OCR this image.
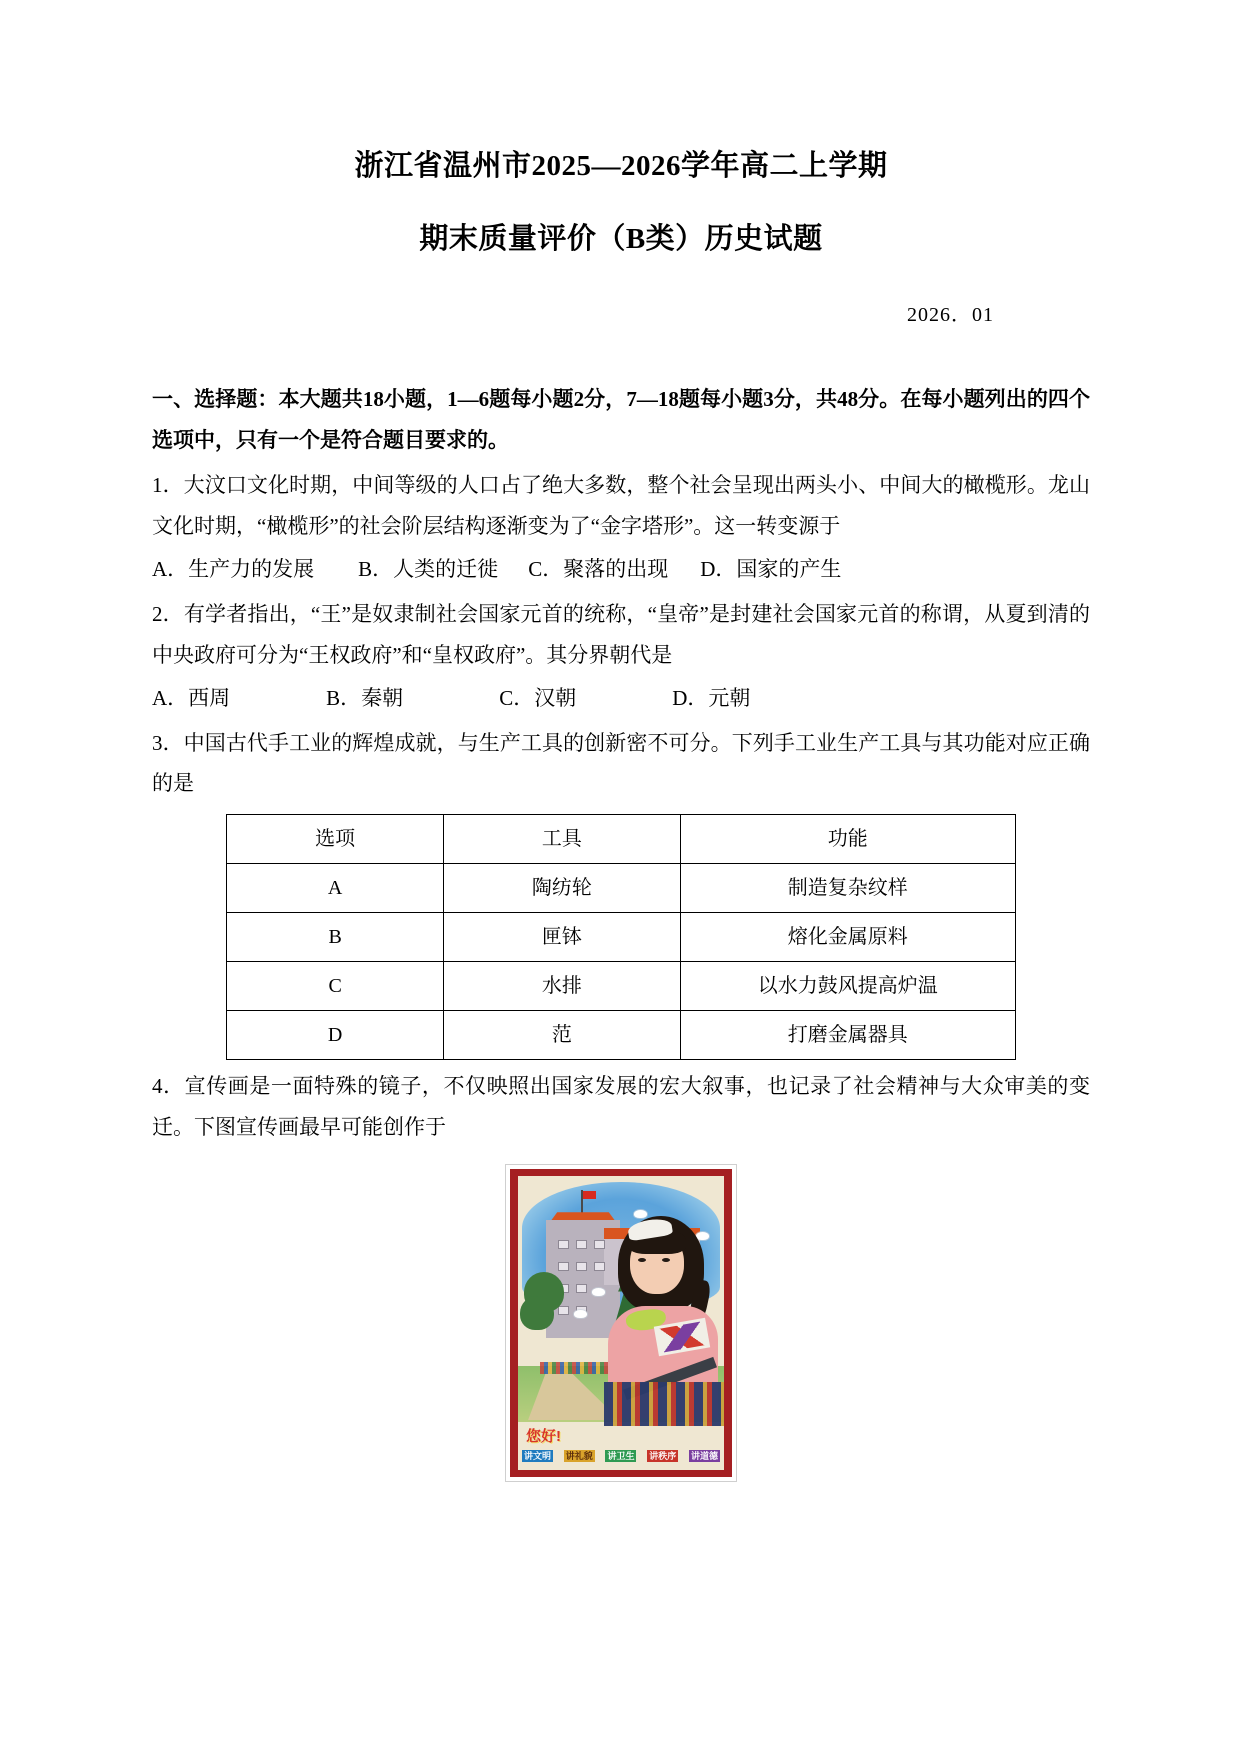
浙江省温州市2025—2026学年高二上学期
期末质量评价（B类）历史试题
2026．01
一、选择题：本大题共18小题，1—6题每小题2分，7—18题每小题3分，共48分。在每小题列出的四个选项中，只有一个是符合题目要求的。
1．大汶口文化时期，中间等级的人口占了绝大多数，整个社会呈现出两头小、中间大的橄榄形。龙山文化时期，“橄榄形”的社会阶层结构逐渐变为了“金字塔形”。这一转变源于
A．生产力的发展 B．人类的迁徙 C．聚落的出现 D．国家的产生
2．有学者指出，“王”是奴隶制社会国家元首的统称，“皇帝”是封建社会国家元首的称谓，从夏到清的中央政府可分为“王权政府”和“皇权政府”。其分界朝代是
A．西周	B．秦朝	C．汉朝	D．元朝
3．中国古代手工业的辉煌成就，与生产工具的创新密不可分。下列手工业生产工具与其功能对应正确的是
选项	工具	功能
A	陶纺轮	制造复杂纹样
B	匣钵	熔化金属原料
C	水排	以水力鼓风提高炉温
D	范	打磨金属器具
4．宣传画是一面特殊的镜子，不仅映照出国家发展的宏大叙事，也记录了社会精神与大众审美的变迁。下图宣传画最早可能创作于
您好!
讲文明 讲礼貌 讲卫生 讲秩序 讲道德
